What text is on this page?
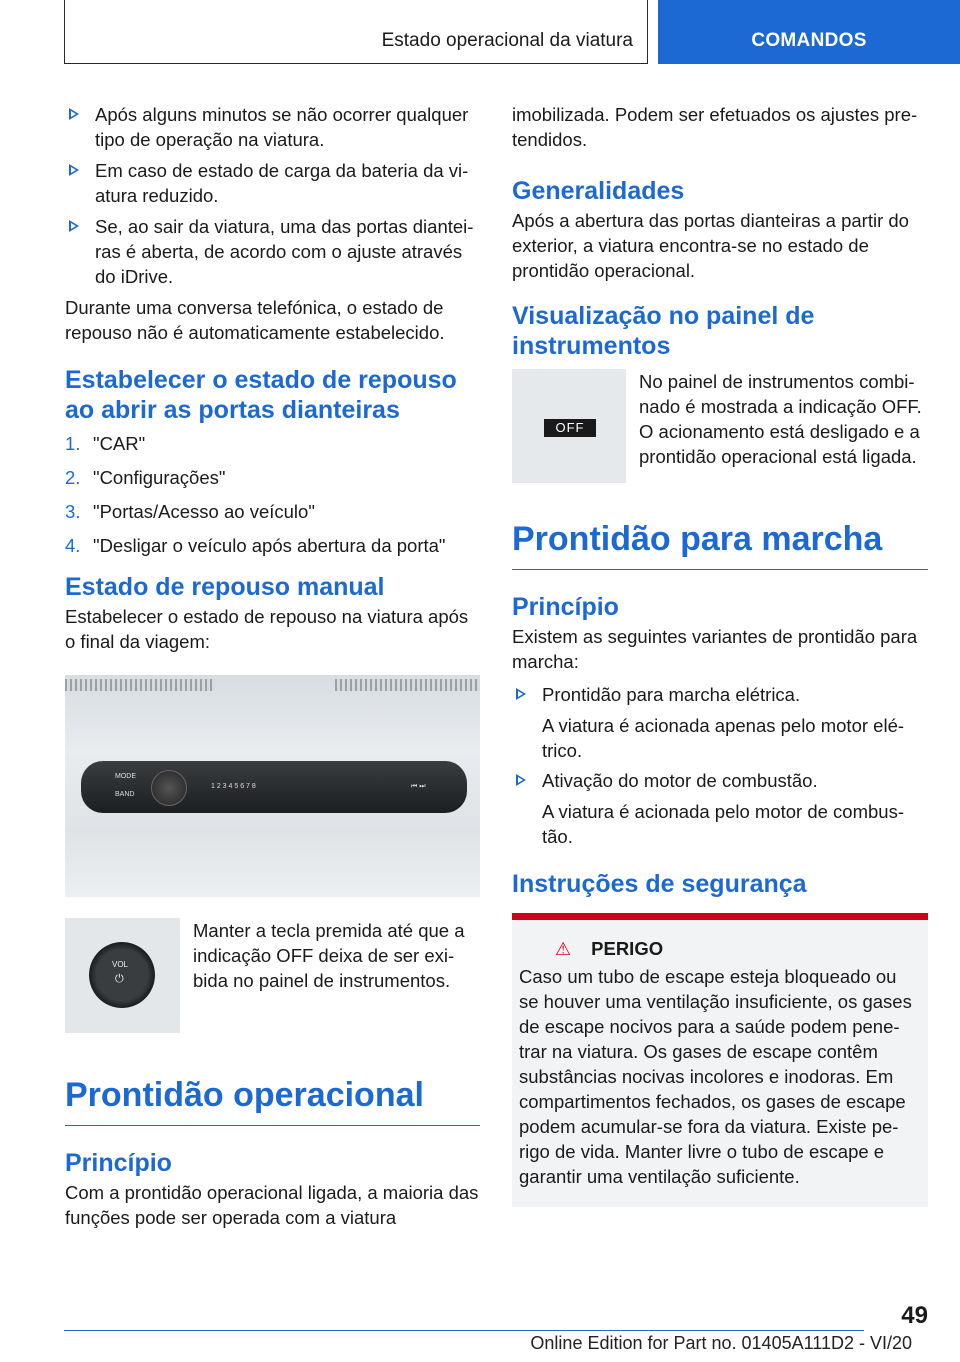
Estado operacional da viatura	COMANDOS
Após alguns minutos se não ocorrer qualquer tipo de operação na viatura.
Em caso de estado de carga da bateria da viatura reduzido.
Se, ao sair da viatura, uma das portas dianteiras é aberta, de acordo com o ajuste através do iDrive.

Durante uma conversa telefónica, o estado de repouso não é automaticamente estabelecido.

Estabelecer o estado de repouso ao abrir as portas dianteiras
1. "CAR"
2. "Configurações"
3. "Portas/Acesso ao veículo"
4. "Desligar o veículo após abertura da porta"
Estado de repouso manual

Estabelecer o estado de repouso na viatura após o final da viagem:

MODE
BAND
1 2 3 4 5 6 7 8	⏮ ⏭
VOL
⏻
Manter a tecla premida até que a indicação OFF deixa de ser exibida no painel de instrumentos.
Prontidão operacional
Princípio

Com a prontidão operacional ligada, a maioria das funções pode ser operada com a viatura

imobilizada. Podem ser efetuados os ajustes pretendidos.

Generalidades

Após a abertura das portas dianteiras a partir do exterior, a viatura encontra-se no estado de prontidão operacional.

Visualização no painel de instrumentos
OFF
No painel de instrumentos combinado é mostrada a indicação OFF. O acionamento está desligado e a prontidão operacional está ligada.
Prontidão para marcha
Princípio

Existem as seguintes variantes de prontidão para marcha:

Prontidão para marcha elétrica.
A viatura é acionada apenas pelo motor elétrico.
Ativação do motor de combustão.
A viatura é acionada pelo motor de combustão.
Instruções de segurança
⚠ PERIGO

Caso um tubo de escape esteja bloqueado ou se houver uma ventilação insuficiente, os gases de escape nocivos para a saúde podem penetrar na viatura. Os gases de escape contêm substâncias nocivas incolores e inodoras. Em compartimentos fechados, os gases de escape podem acumular-se fora da viatura. Existe perigo de vida. Manter livre o tubo de escape e garantir uma ventilação suficiente.

49
Online Edition for Part no. 01405A111D2 - VI/20
